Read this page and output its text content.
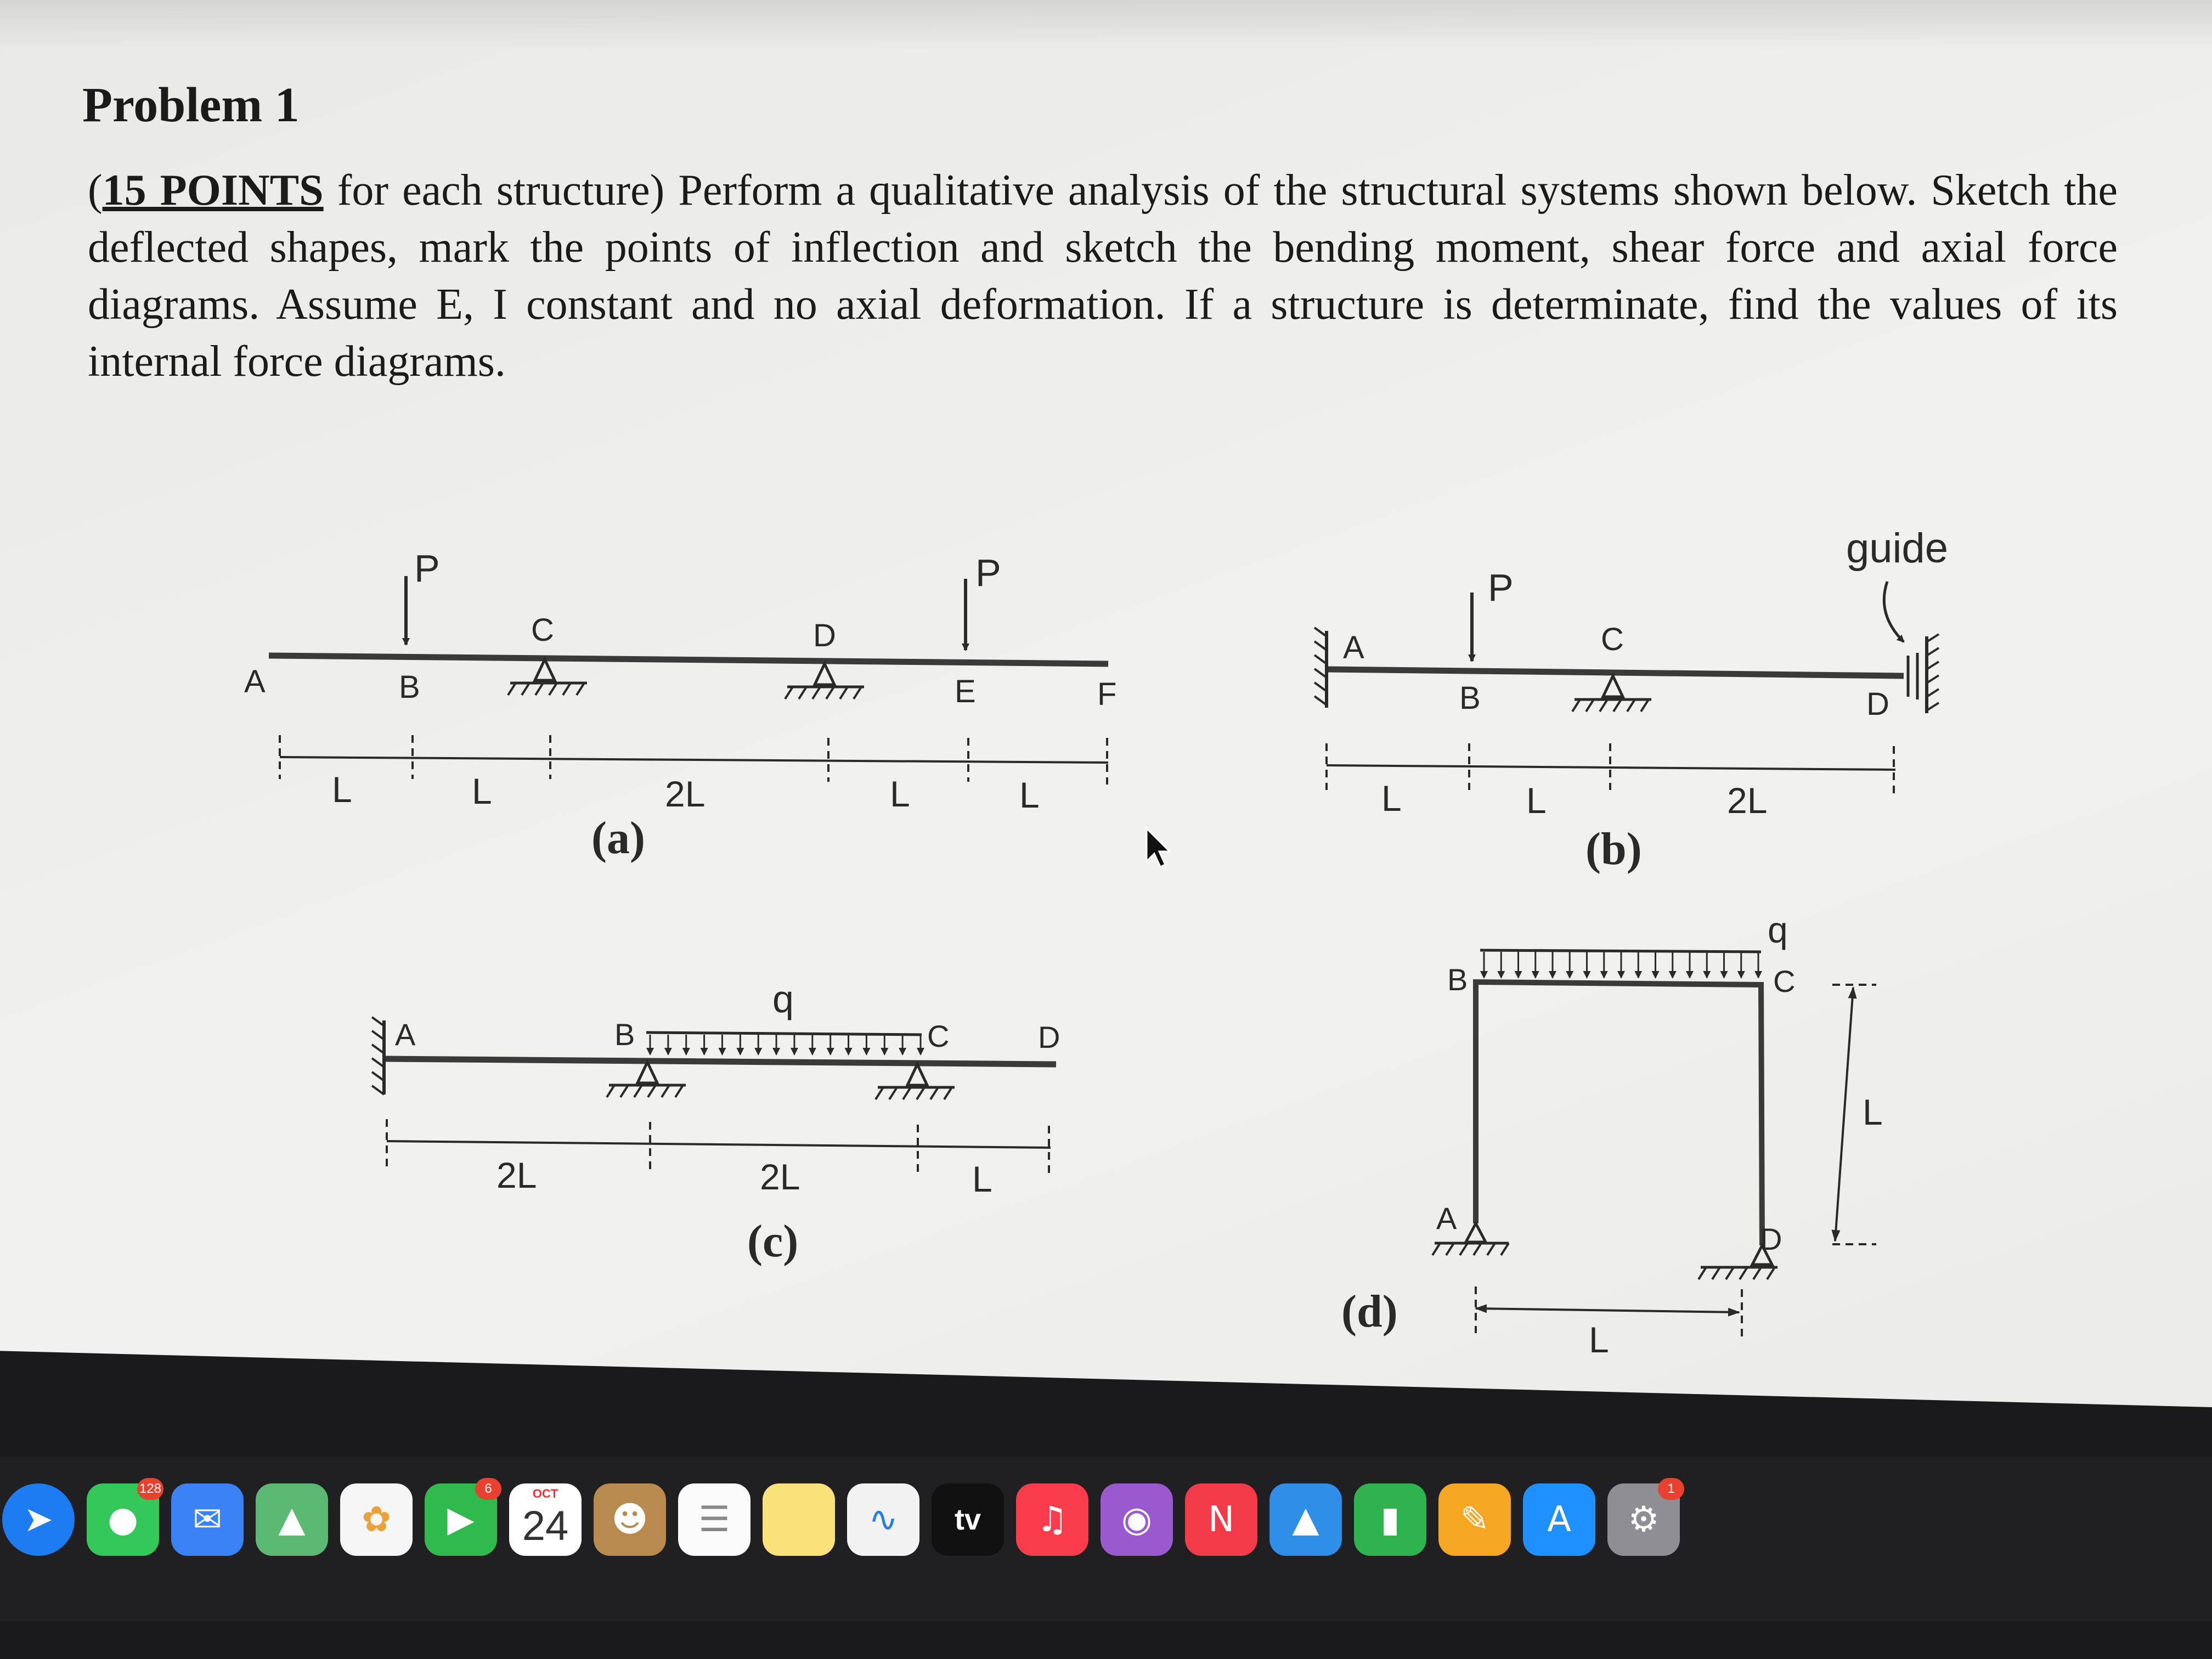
Problem 1

(15 POINTS for each structure) Perform a qualitative analysis of the structural systems shown below. Sketch the deflected shapes, mark the points of inflection and sketch the bending moment, shear force and axial force diagrams. Assume E, I constant and no axial deformation. If a structure is determinate, find the values of its internal force diagrams.

P	P
A	B
C	D
E	F
L	L	2L	L	L
(a)
P
guide
A
B
C
D
L	L	2L
(b)
q
A	B	C	D
2L	2L	L
(c)
q
B	C
A
D
L
L
(d)
➤	●
128
✉	▲	✿	▶
6	OCT
24	☻	☰	∿	tv	♫	◉	N	▲	▮	✎	A	⚙
1
